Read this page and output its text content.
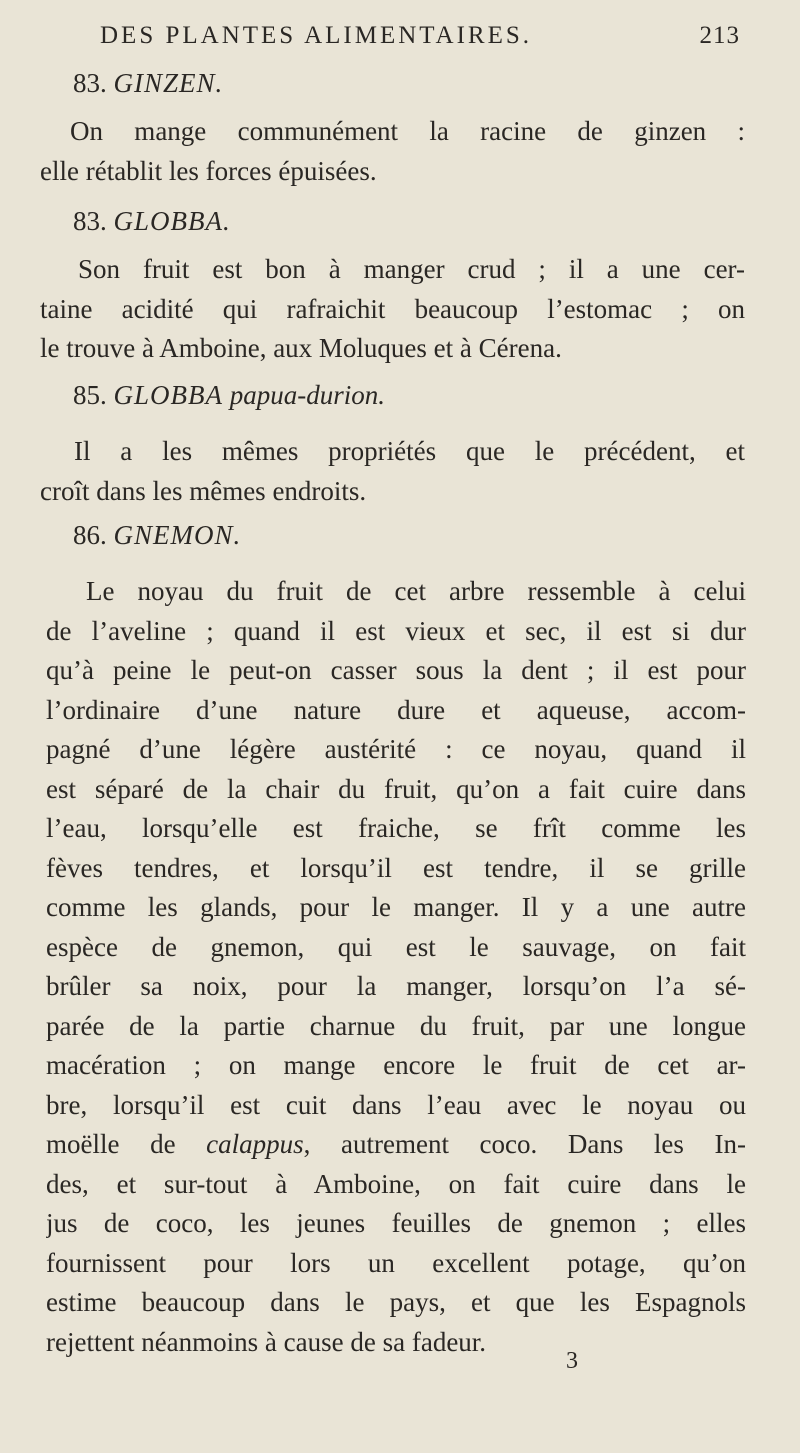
DES PLANTES ALIMENTAIRES.	213
83. GINZEN.
On mange communément la racine de ginzen :
elle rétablit les forces épuisées.
83. GLOBBA.
Son fruit est bon à manger crud ; il a une cer-
taine acidité qui rafraichit beaucoup l’estomac ; on
le trouve à Amboine, aux Moluques et à Cérena.
85. GLOBBA papua-durion.
Il a les mêmes propriétés que le précédent, et
croît dans les mêmes endroits.
86. GNEMON.
Le noyau du fruit de cet arbre ressemble à celui
de l’aveline ; quand il est vieux et sec, il est si dur
qu’à peine le peut-on casser sous la dent ; il est pour
l’ordinaire d’une nature dure et aqueuse, accom-
pagné d’une légère austérité : ce noyau, quand il
est séparé de la chair du fruit, qu’on a fait cuire dans
l’eau, lorsqu’elle est fraiche, se frît comme les
fèves tendres, et lorsqu’il est tendre, il se grille
comme les glands, pour le manger. Il y a une autre
espèce de gnemon, qui est le sauvage, on fait
brûler sa noix, pour la manger, lorsqu’on l’a sé-
parée de la partie charnue du fruit, par une longue
macération ; on mange encore le fruit de cet ar-
bre, lorsqu’il est cuit dans l’eau avec le noyau ou
moëlle de calappus, autrement coco. Dans les In-
des, et sur-tout à Amboine, on fait cuire dans le
jus de coco, les jeunes feuilles de gnemon ; elles
fournissent pour lors un excellent potage, qu’on
estime beaucoup dans le pays, et que les Espagnols
rejettent néanmoins à cause de sa fadeur.
3
